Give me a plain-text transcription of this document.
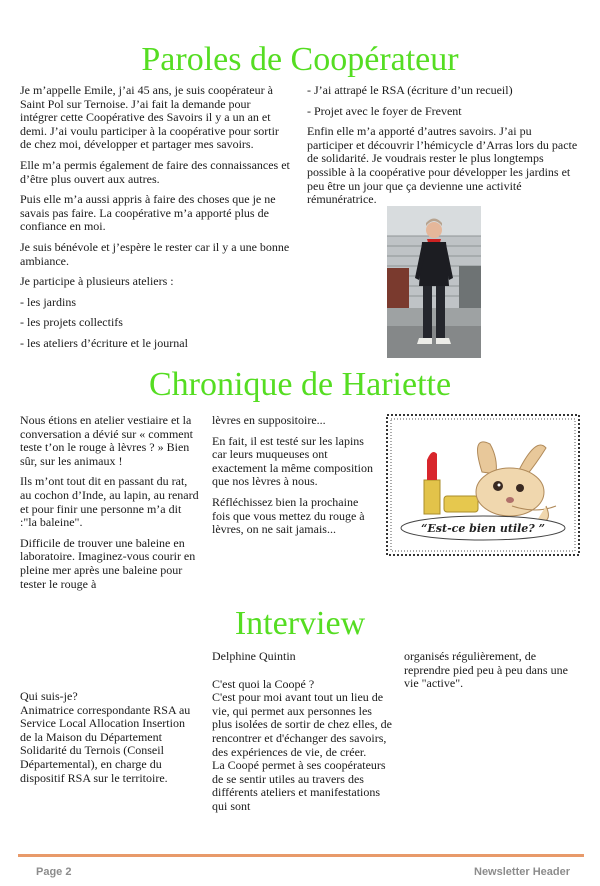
Paroles de Coopérateur

Je m’appelle Emile, j’ai 45 ans, je suis coopérateur à Saint Pol sur Ternoise. J’ai fait la demande pour intégrer cette Coopérative des Savoirs il y a un an et demi. J’ai voulu participer à la coopérative pour sortir de chez moi, développer et partager mes savoirs.

Elle m’a permis également de faire des connaissances et d’être plus ouvert aux autres.

Puis elle m’a aussi appris à faire des choses que je ne savais pas faire. La coopérative m’a apporté plus de confiance en moi.

Je suis bénévole et j’espère le rester car il y a une bonne ambiance.

Je participe à plusieurs ateliers :

- les jardins

- les projets collectifs

- les ateliers d’écriture et le journal

- J’ai attrapé le RSA (écriture d’un recueil)

- Projet avec le foyer de Frevent

Enfin elle m’a apporté d’autres savoirs. J’ai pu participer et découvrir l’hémicycle d’Arras lors du pacte de solidarité. Je voudrais rester le plus longtemps possible à la coopérative pour développer les jardins et peu être un jour que ça devienne une activité rémunératrice.

Chronique de Hariette

Nous étions en atelier vestiaire et la conversation a dévié sur « comment teste t’on le rouge à lèvres ? » Bien sûr, sur les animaux !

Ils m’ont tout dit en passant du rat, au cochon d’Inde, au lapin, au renard et pour finir une personne m’a dit :"la baleine".

Difficile de trouver une baleine en laboratoire. Imaginez-vous courir en pleine mer après une baleine pour tester le rouge à

lèvres en suppositoire...

En fait, il est testé sur les lapins car leurs muqueuses ont exactement la même composition que nos lèvres à nous.

Réfléchissez bien la prochaine fois que vous mettez du rouge à lèvres, on ne sait jamais...	“Est-ce bien utile? ”
Interview
Qui suis-je?
Animatrice correspondante RSA au Service Local Allocation Insertion de la Maison du Département Solidarité du Ternois (Conseil Départemental), en charge du dispositif RSA sur le territoire.
Delphine Quintin
C'est quoi la Coopé ?
C'est pour moi avant tout un lieu de vie, qui permet aux personnes les plus isolées de sortir de chez elles, de rencontrer et d'échanger des savoirs, des expériences de vie, de créer.
La Coopé permet à ses coopérateurs de se sentir utiles au travers des différents ateliers et manifestations qui sont
organisés régulièrement, de reprendre pied peu à peu dans une vie "active".
Page 2	Newsletter Header
